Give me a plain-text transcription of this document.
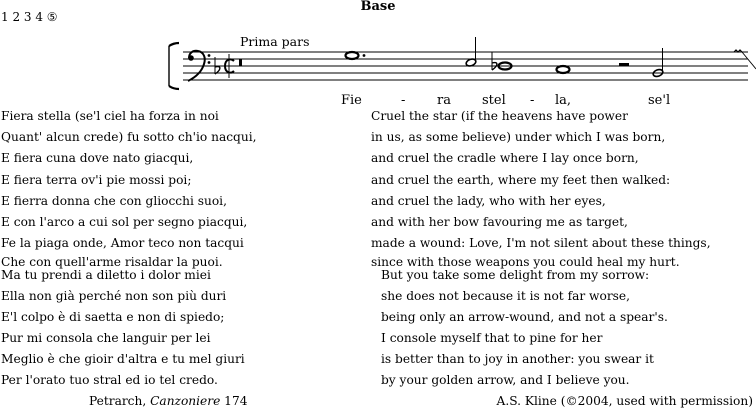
Base
1 2 3 4 ⑤
Prima pars
Fie	- ra stel - la,	se'l
Fiera stella (se'l ciel ha forza in noi
Quant' alcun crede) fu sotto ch'io nacqui,
E fiera cuna dove nato giacqui,
E fiera terra ov'i pie mossi poi;
E fierra donna che con gliocchi suoi,
E con l'arco a cui sol per segno piacqui,
Fe la piaga onde, Amor teco non tacqui
Che con quell'arme risaldar la puoi.
Cruel the star (if the heavens have power
in us, as some believe) under which I was born,
and cruel the cradle where I lay once born,
and cruel the earth, where my feet then walked:
and cruel the lady, who with her eyes,
and with her bow favouring me as target,
made a wound: Love, I'm not silent about these things,
since with those weapons you could heal my hurt.
Ma tu prendi a diletto i dolor miei
Ella non già perché non son più duri
E'l colpo è di saetta e non di spiedo;
Pur mi consola che languir per lei
Meglio è che gioir d'altra e tu mel giuri
Per l'orato tuo stral ed io tel credo.
But you take some delight from my sorrow:
she does not because it is not far worse,
being only an arrow-wound, and not a spear's.
I console myself that to pine for her
is better than to joy in another: you swear it
by your golden arrow, and I believe you.
Petrarch, Canzoniere 174	A.S. Kline (©2004, used with permission)
